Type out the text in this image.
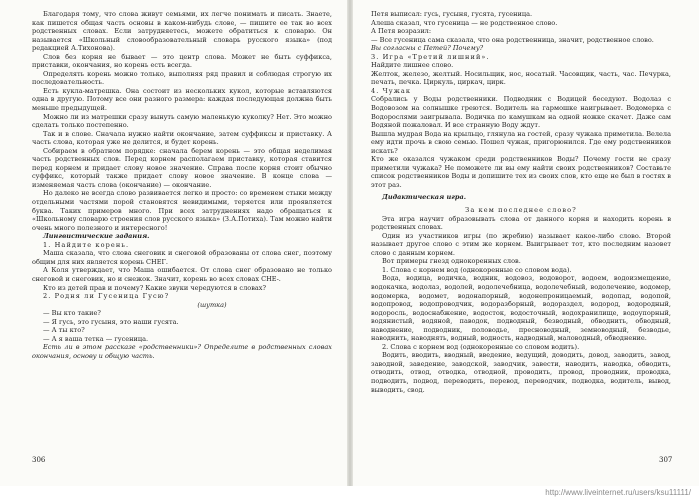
Благодаря тому, что слова живут семьями, их легче понимать и писать. Знаете, как пишется общая часть основы в каком-нибудь слове, — пишите ее так во всех родственных словах. Если затрудняетесь, можете обратиться к словарю. Он называется «Школьный словообразовательный словарь русского языка» (под редакцией А.Тихонова).

Слов без корня не бывает — это центр слова. Может не быть суффикса, приставки, окончания, но корень есть всегда.

Определять корень можно только, выполняя ряд правил и соблюдая строгую их последовательность.

Есть кукла-матрешка. Она состоит из нескольких кукол, которые вставляются одна в другую. Потому все они разного размера: каждая последующая должна быть меньше предыдущей.

Можно ли из матрешки сразу вынуть самую маленькую куколку? Нет. Это можно сделать только постепенно.

Так и в слове. Сначала нужно найти окончание, затем суффиксы и приставку. А часть слова, которая уже не делится, и будет корень.

Собираем в обратном порядке: сначала берем корень — это общая неделимая часть родственных слов. Перед корнем располагаем приставку, которая ставится перед корнем и придает слову новое значение. Справа после корня стоит обычно суффикс, который также придает слову новое значение. В конце слова — изменяемая часть слова (окончание) — окончание.

Но далеко не всегда слово развивается легко и просто: со временем стыки между отдельными частями порой становятся невидимыми, теряется или проявляется буква. Таких примеров много. При всех затруднениях надо обращаться к «Школьному словарю строения слов русского языка» (З.А.Потиха). Там можно найти очень много полезного и интересного!

Лингвистические задания.

1. Найдите корень.

Маша сказала, что слова снеговик и снеговой образованы от слова снег, поэтому общим для них является корень СНЕГ.

А Коля утверждает, что Маша ошибается. От слова снег образовано не только снеговой и снеговик, но и снежок. Значит, корень во всех словах СНЕ-.

Кто из детей прав и почему? Какие звуки чередуются в словах?

2. Родня ли Гусеница Гусю?

(шутка)

— Вы кто такие?

— Я гусь, это гусыня, это наши гусята.

— А ты кто?

— А я ваша тетка — гусеница.

Есть ли в этом рассказе «родственники»? Определите в родственных словах окончания, основу и общую часть.

306

Петя выписал: гусь, гусыня, гусята, гусеница.

Алеша сказал, что гусеница — не родственное слово.

А Петя возразил:

— Все гусеница сама сказала, что она родственница, значит, родственное слово.

Вы согласны с Петей? Почему?

3. Игра «Третий лишний».

Найдите лишнее слово.

Желток, железо, желтый. Носильщик, нос, носатый. Часовщик, часть, час. Печурка, печать, печка. Циркуль, циркач, цирк.

4. Чужак

Собрались у Воды родственники. Подводник с Водицей беседуют. Водолаз с Водовозом на солнышке греются. Водитель на гармошке наигрывает. Водомерка с Водорослями заигрывала. Водичка по камушкам на одной ножке скачет. Даже сам Водяной пожаловал. И все странную Воду ждут.

Вышла мудрая Вода на крыльцо, глянула на гостей, сразу чужака приметила. Велела ему идти прочь в свою семью. Пошел чужак, пригорюнился. Где ему родственников искать?

Кто же оказался чужаком среди родственников Воды? Почему гости не сразу приметили чужака? Не поможете ли вы ему найти своих родственников? Составьте список родственников Воды и допишите тех из своих слов, кто еще не был в гостях в этот раз.

Дидактическая игра.

За кем последнее слово?

Эта игра научит образовывать слова от данного корня и находить корень в родственных словах.

Один из участников игры (по жребию) называет какое-либо слово. Второй называет другое слово с этим же корнем. Выигрывает тот, кто последним назовет слово с данным корнем.

Вот примеры гнезд однокоренных слов.

1. Слова с корнем вод (однокоренные со словом вода).

Вода, водица, водичка, водник, водовоз, водоворот, водоем, водоизмещение, водокачка, водолаз, водолей, водолечебница, водолечебный, водолечение, водомер, водомерка, водомет, водонапорный, водонепроницаемый, водопад, водопой, водопровод, водопроводчик, водоразборный, водораздел, водород, водородный, водоросль, водоснабжение, водосток, водосточный, водохранилище, водоупорный, водянистый, водяной, паводок, подводный, безводный, обводнить, обводный, наводнение, подводник, половодье, пресноводный, земноводный, безводье, наводнить, наводнять, водный, водность, надводный, маловодный, обводнение.

2. Слова с корнем вод (однокоренные со словом водить).

Водить, вводить, вводный, введение, ведущий, доводить, довод, заводить, завод, заводной, заведение, заводской, заводчик, завести, наводить, наводка, обводить, отводить, отвод, отводка, отводной, проводить, провод, проводник, проводка, подводить, подвод, переводить, перевод, переводчик, подводка, водитель, вывод, выводить, свод.

307
http://www.liveinternet.ru/users/ksu11111/
